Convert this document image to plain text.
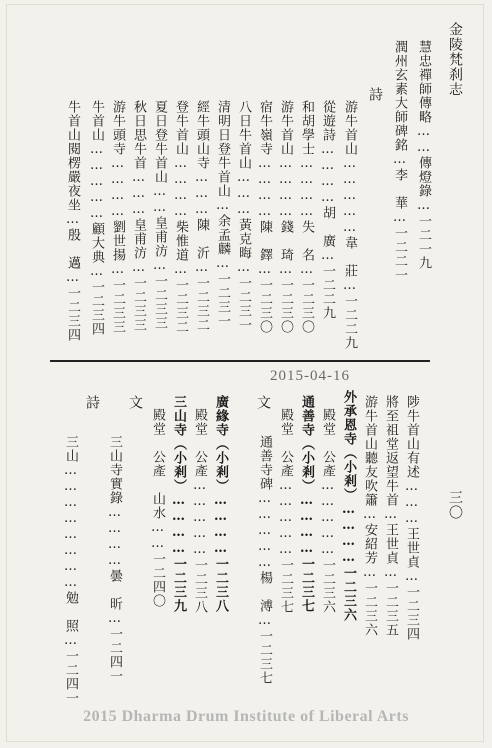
金陵梵刹志
慧忠禪師傳略……傳燈錄…一二一九
潤州玄素大師碑銘…李　華…一二二一
詩
游牛首山……………韋　莊…一二二九
從遊詩…………胡　廣…一二二九
和胡學士…………失　名…一二三〇
游牛首山…………錢　琦…一二三〇
宿牛嶺寺…………陳　鐸…一二三〇
八日牛首山………黃克晦…一二三一
清明日登牛首山…余孟麟…一二三一
經牛頭山寺………陳　沂…一二三二
登牛首山…………柴惟道…一二三二
夏日登牛首山……皇甫汸…一二三三
秋日思牛首………皇甫汸…一二三三
游牛頭寺…………劉世揚…一二三三
牛首山……………顧大典…一二三四
牛首山閱楞嚴夜坐…殷　邁…一二三四
2015-04-16
三〇
陟牛首山有述………王世貞…一二三四
將至祖堂返望牛首…王世貞…一二三五
游牛首山聽友吹簫…安紹芳…一二三六
外承恩寺（小剎）…………一二三六
殿堂　公產……………一二三六
通善寺（小剎）…………一二三七
殿堂　公產……………一二三七
文
通善寺碑……………楊　溥…一二三七
廣緣寺（小剎）…………一二三八
殿堂　公產……………一二三八
三山寺（小剎）…………一二三九
殿堂　公產　山水……一二四〇
文
三山寺實錄…………曇　昕…一二四一
詩
三山……………………勉　照…一二四一
2015 Dharma Drum Institute of Liberal Arts
